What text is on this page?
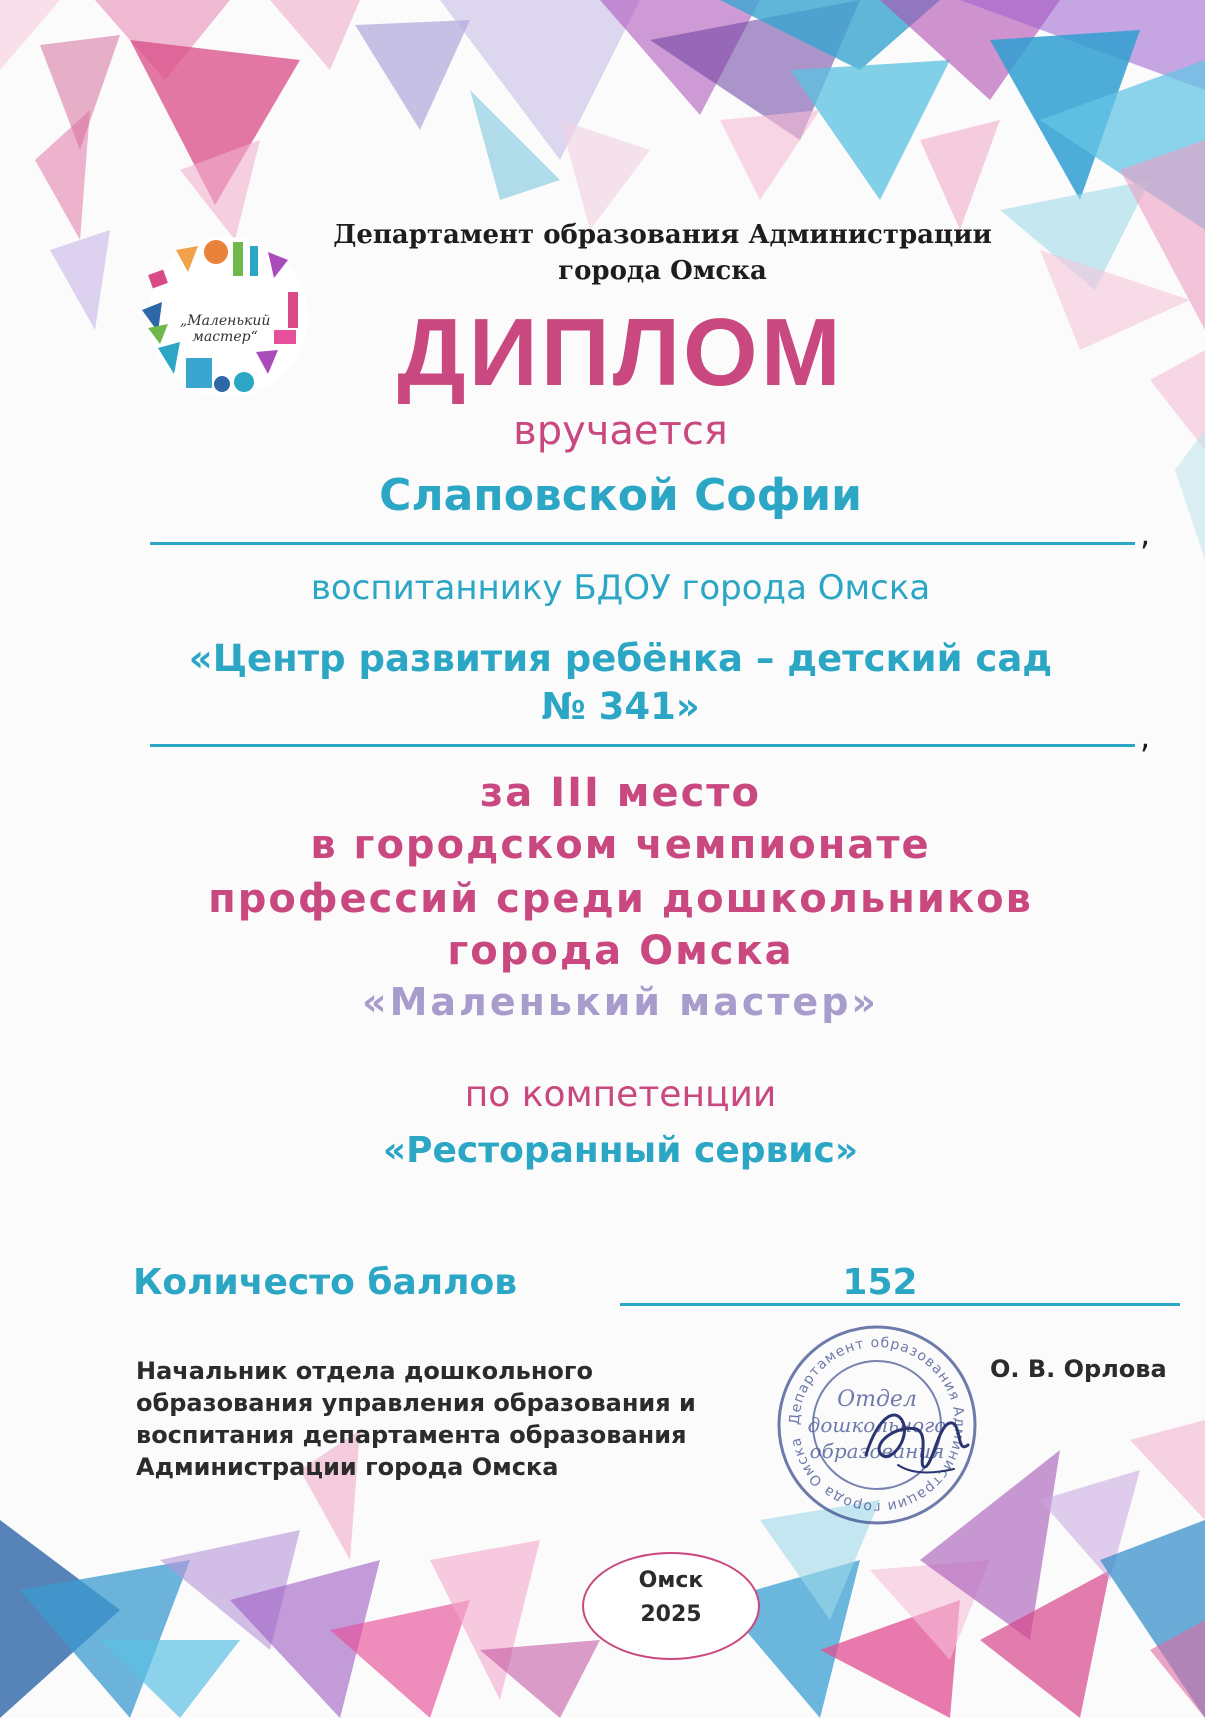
„Маленький
мастер“
Департамент образования Администрации
города Омска
ДИПЛОМ
вручается
Слаповской Софии
,
воспитаннику БДОУ города Омска
«Центр развития ребёнка – детский сад
№ 341»
,
за III место
в городском чемпионате
профессий среди дошкольников
города Омска
«Маленький мастер»
по компетенции
«Ресторанный сервис»
Количесто баллов	152
Начальник отдела дошкольного
образования управления образования и
воспитания департамента образования
Администрации города Омска
О. В. Орлова
Департамент образования Администрации города Омска
Отдел
дошкольного
образования
Омск
2025
